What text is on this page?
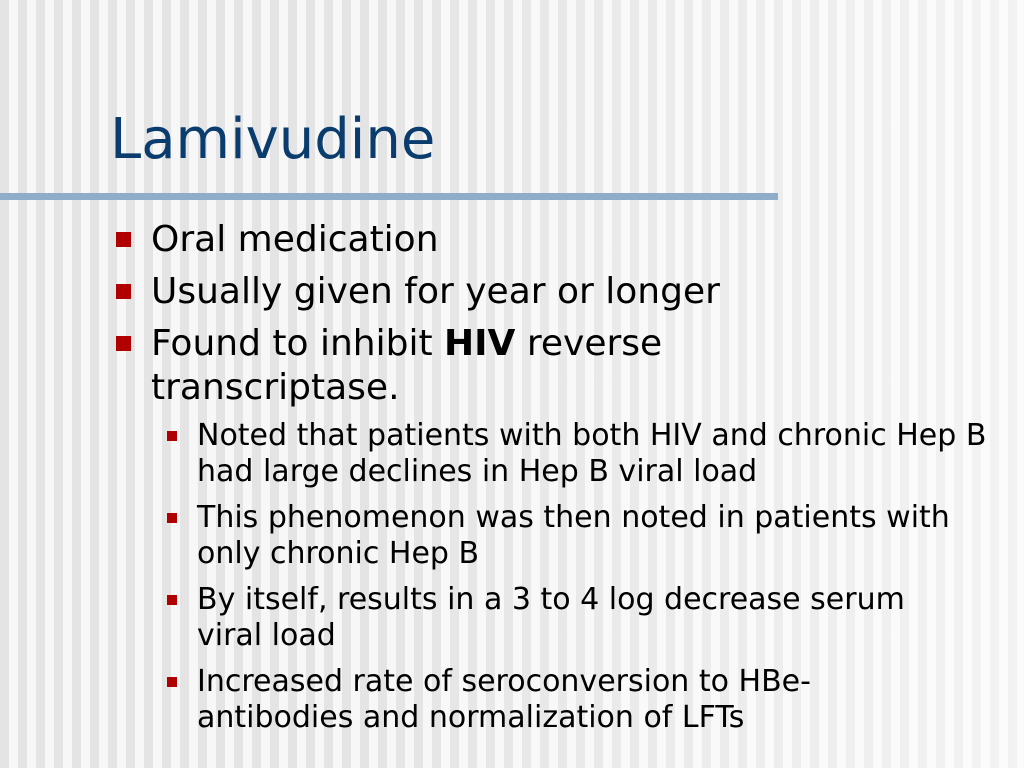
Lamivudine
Oral medication
Usually given for year or longer
Found to inhibit HIV reverse transcriptase.
Noted that patients with both HIV and chronic Hep B had large declines in Hep B viral load
This phenomenon was then noted in patients with only chronic Hep B
By itself, results in a 3 to 4 log decrease serum viral load
Increased rate of seroconversion to HBe-antibodies and normalization of LFTs
